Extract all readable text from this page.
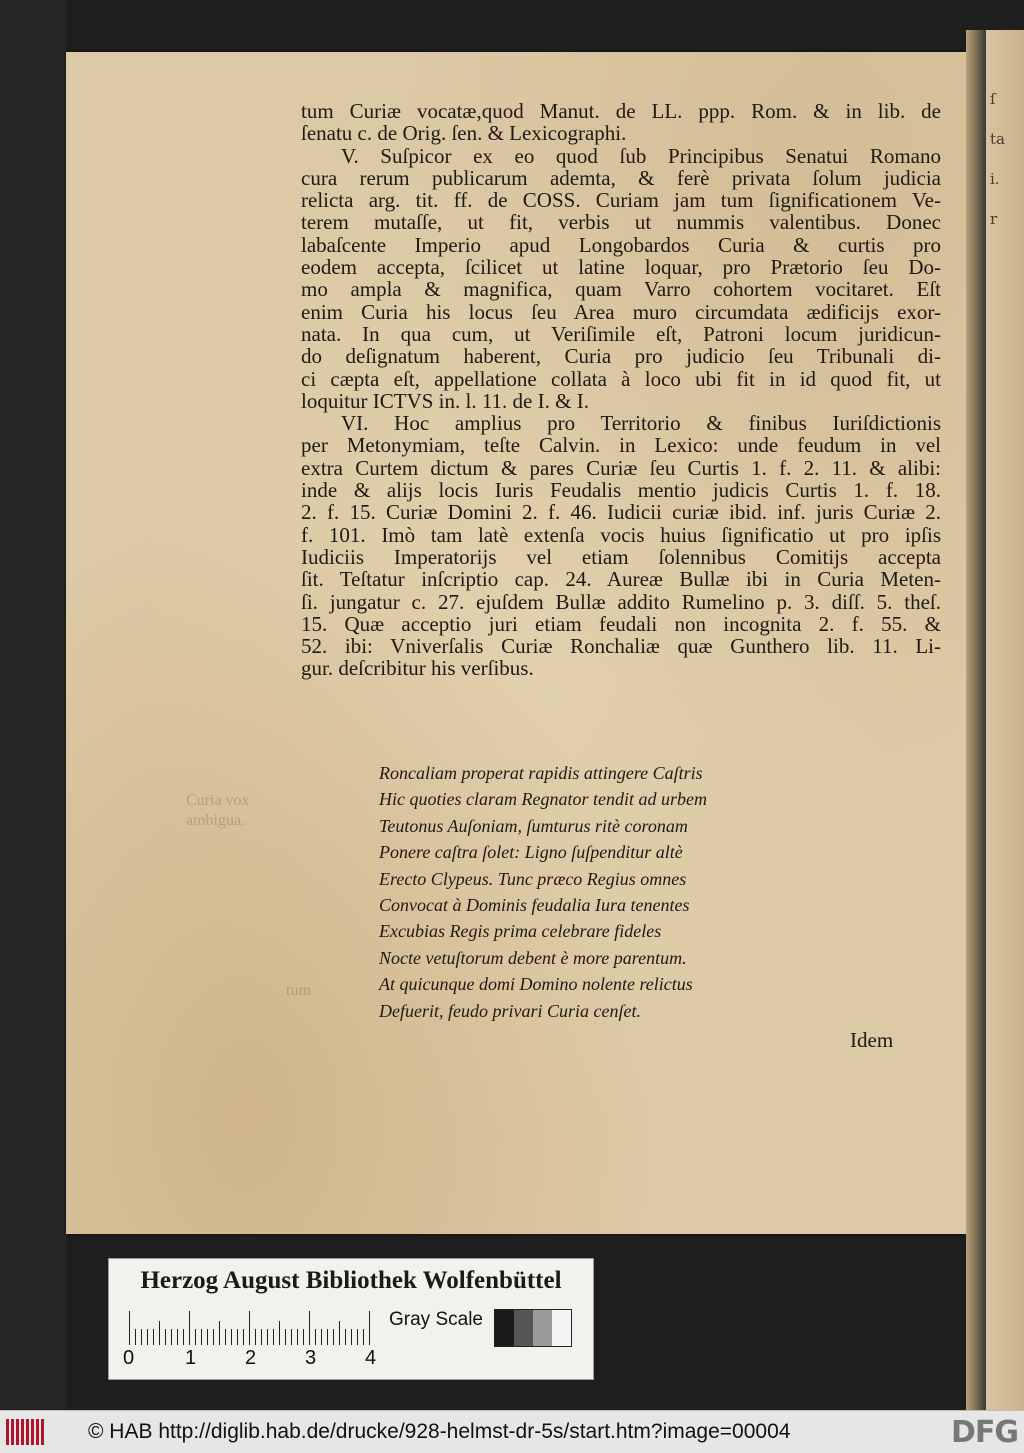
Curia vox
ambigua.
tum
ſ
ta
i.
r
tum Curiæ vocatæ,quod Manut. de LL. ppp. Rom. & in lib. de
ſenatu c. de Orig. ſen. & Lexicographi.
V. Suſpicor ex eo quod ſub Principibus Senatui Romano
cura rerum publicarum ademta, & ferè privata ſolum judicia
relicta arg. tit. ff. de COSS. Curiam jam tum ſignificationem Ve-
terem mutaſſe, ut fit, verbis ut nummis valentibus. Donec
labaſcente Imperio apud Longobardos Curia & curtis pro
eodem accepta, ſcilicet ut latine loquar, pro Prætorio ſeu Do-
mo ampla & magnifica, quam Varro cohortem vocitaret. Eſt
enim Curia his locus ſeu Area muro circumdata ædificijs exor-
nata. In qua cum, ut Veriſimile eſt, Patroni locum juridicun-
do deſignatum haberent, Curia pro judicio ſeu Tribunali di-
ci cæpta eſt, appellatione collata à loco ubi fit in id quod fit, ut
loquitur ICTVS in. l. 11. de I. & I.
VI. Hoc amplius pro Territorio & finibus Iuriſdictionis
per Metonymiam, teſte Calvin. in Lexico: unde feudum in vel
extra Curtem dictum & pares Curiæ ſeu Curtis 1. f. 2. 11. & alibi:
inde & alijs locis Iuris Feudalis mentio judicis Curtis 1. f. 18.
2. f. 15. Curiæ Domini 2. f. 46. Iudicii curiæ ibid. inf. juris Curiæ 2.
f. 101. Imò tam latè extenſa vocis huius ſignificatio ut pro ipſis
Iudiciis Imperatorijs vel etiam ſolennibus Comitijs accepta
ſit. Teſtatur inſcriptio cap. 24. Aureæ Bullæ ibi in Curia Meten-
ſi. jungatur c. 27. ejuſdem Bullæ addito Rumelino p. 3. diſſ. 5. theſ.
15. Quæ acceptio juri etiam feudali non incognita 2. f. 55. &
52. ibi: Vniverſalis Curiæ Ronchaliæ quæ Gunthero lib. 11. Li-
gur. deſcribitur his verſibus.
Roncaliam properat rapidis attingere Caſtris
Hic quoties claram Regnator tendit ad urbem
Teutonus Auſoniam, ſumturus ritè coronam
Ponere caſtra ſolet: Ligno ſuſpenditur altè
Erecto Clypeus. Tunc præco Regius omnes
Convocat à Dominis feudalia Iura tenentes
Excubias Regis prima celebrare fideles
Nocte vetuſtorum debent è more parentum.
At quicunque domi Domino nolente relictus
Defuerit, feudo privari Curia cenſet.
Idem
Herzog August Bibliothek Wolfenbüttel
0	1 2 3 4
Gray Scale
© HAB http://diglib.hab.de/drucke/928-helmst-dr-5s/start.htm?image=00004	DFG
